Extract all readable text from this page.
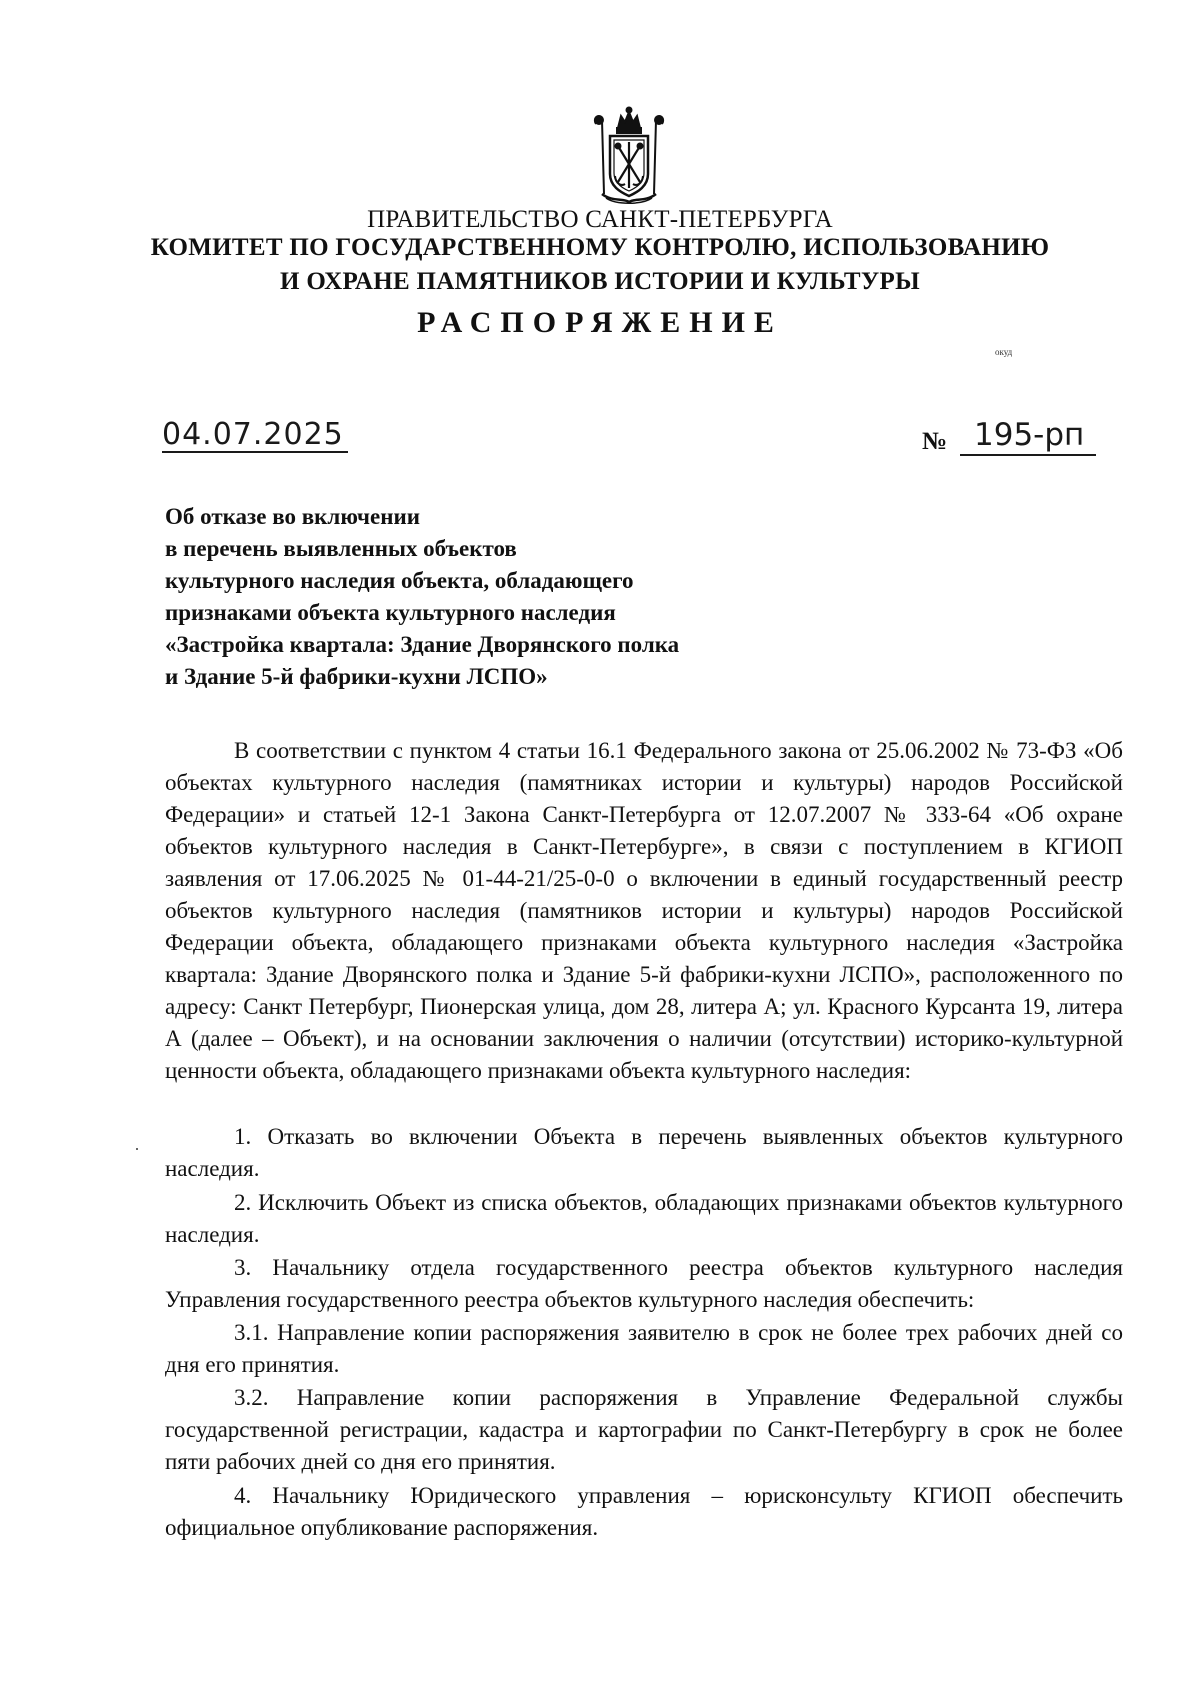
ПРАВИТЕЛЬСТВО САНКТ-ПЕТЕРБУРГА
КОМИТЕТ ПО ГОСУДАРСТВЕННОМУ КОНТРОЛЮ, ИСПОЛЬЗОВАНИЮ
И ОХРАНЕ ПАМЯТНИКОВ ИСТОРИИ И КУЛЬТУРЫ
РАСПОРЯЖЕНИЕ
окуд
04.07.2025	№ 195-рп
Об отказе во включении
в перечень выявленных объектов
культурного наследия объекта, обладающего
признаками объекта культурного наследия
«Застройка квартала: Здание Дворянского полка
и Здание 5-й фабрики-кухни ЛСПО»
В соответствии с пунктом 4 статьи 16.1 Федерального закона от 25.06.2002 № 73-ФЗ «Об объектах культурного наследия (памятниках истории и культуры) народов Российской Федерации» и статьей 12-1 Закона Санкт-Петербурга от 12.07.2007 № 333-64 «Об охране объектов культурного наследия в Санкт-Петербурге», в связи с поступлением в КГИОП заявления от 17.06.2025 № 01-44-21/25-0-0 о включении в единый государственный реестр объектов культурного наследия (памятников истории и культуры) народов Российской Федерации объекта, обладающего признаками объекта культурного наследия «Застройка квартала: Здание Дворянского полка и Здание 5-й фабрики-кухни ЛСПО», расположенного по адресу: Санкт Петербург, Пионерская улица, дом 28, литера А; ул. Красного Курсанта 19, литера А (далее – Объект), и на основании заключения о наличии (отсутствии) историко-культурной ценности объекта, обладающего признаками объекта культурного наследия:
1. Отказать во включении Объекта в перечень выявленных объектов культурного наследия.
2. Исключить Объект из списка объектов, обладающих признаками объектов культурного наследия.
3. Начальнику отдела государственного реестра объектов культурного наследия Управления государственного реестра объектов культурного наследия обеспечить:
3.1. Направление копии распоряжения заявителю в срок не более трех рабочих дней со дня его принятия.
3.2. Направление копии распоряжения в Управление Федеральной службы государственной регистрации, кадастра и картографии по Санкт-Петербургу в срок не более пяти рабочих дней со дня его принятия.
4. Начальнику Юридического управления – юрисконсульту КГИОП обеспечить официальное опубликование распоряжения.
